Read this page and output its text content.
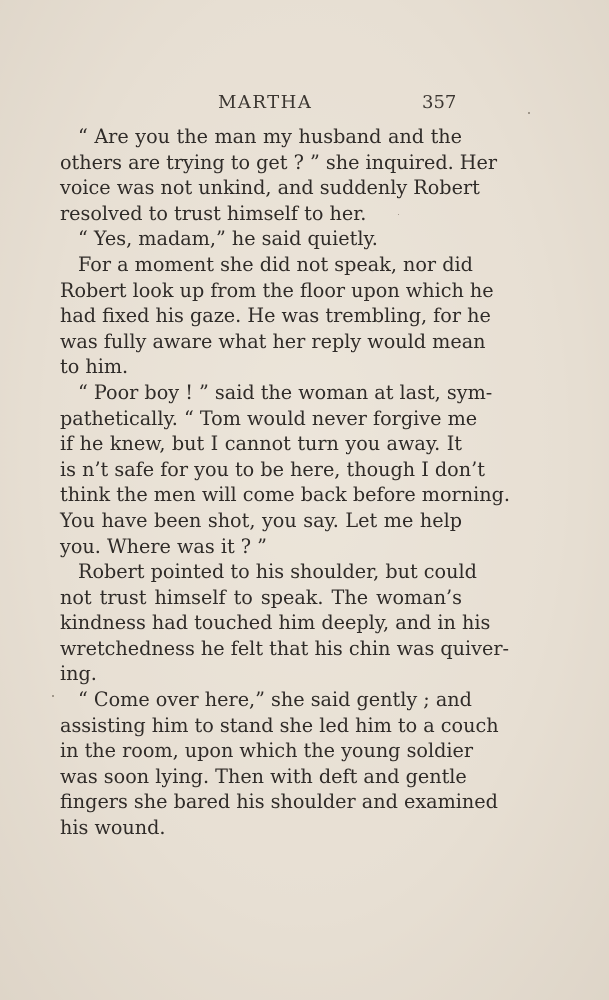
MARTHA	357
“ Are you the man my husband and the
others are trying to get ? ” she inquired. Her
voice was not unkind, and suddenly Robert
resolved to trust himself to her.
“ Yes, madam,” he said quietly.
For a moment she did not speak, nor did
Robert look up from the floor upon which he
had fixed his gaze. He was trembling, for he
was fully aware what her reply would mean
to him.
“ Poor boy ! ” said the woman at last, sym-
pathetically. “ Tom would never forgive me
if he knew, but I cannot turn you away. It
is n’t safe for you to be here, though I don’t
think the men will come back before morning.
You have been shot, you say. Let me help
you. Where was it ? ”
Robert pointed to his shoulder, but could
not trust himself to speak. The woman’s
kindness had touched him deeply, and in his
wretchedness he felt that his chin was quiver-
ing.
“ Come over here,” she said gently ; and
assisting him to stand she led him to a couch
in the room, upon which the young soldier
was soon lying. Then with deft and gentle
fingers she bared his shoulder and examined
his wound.
